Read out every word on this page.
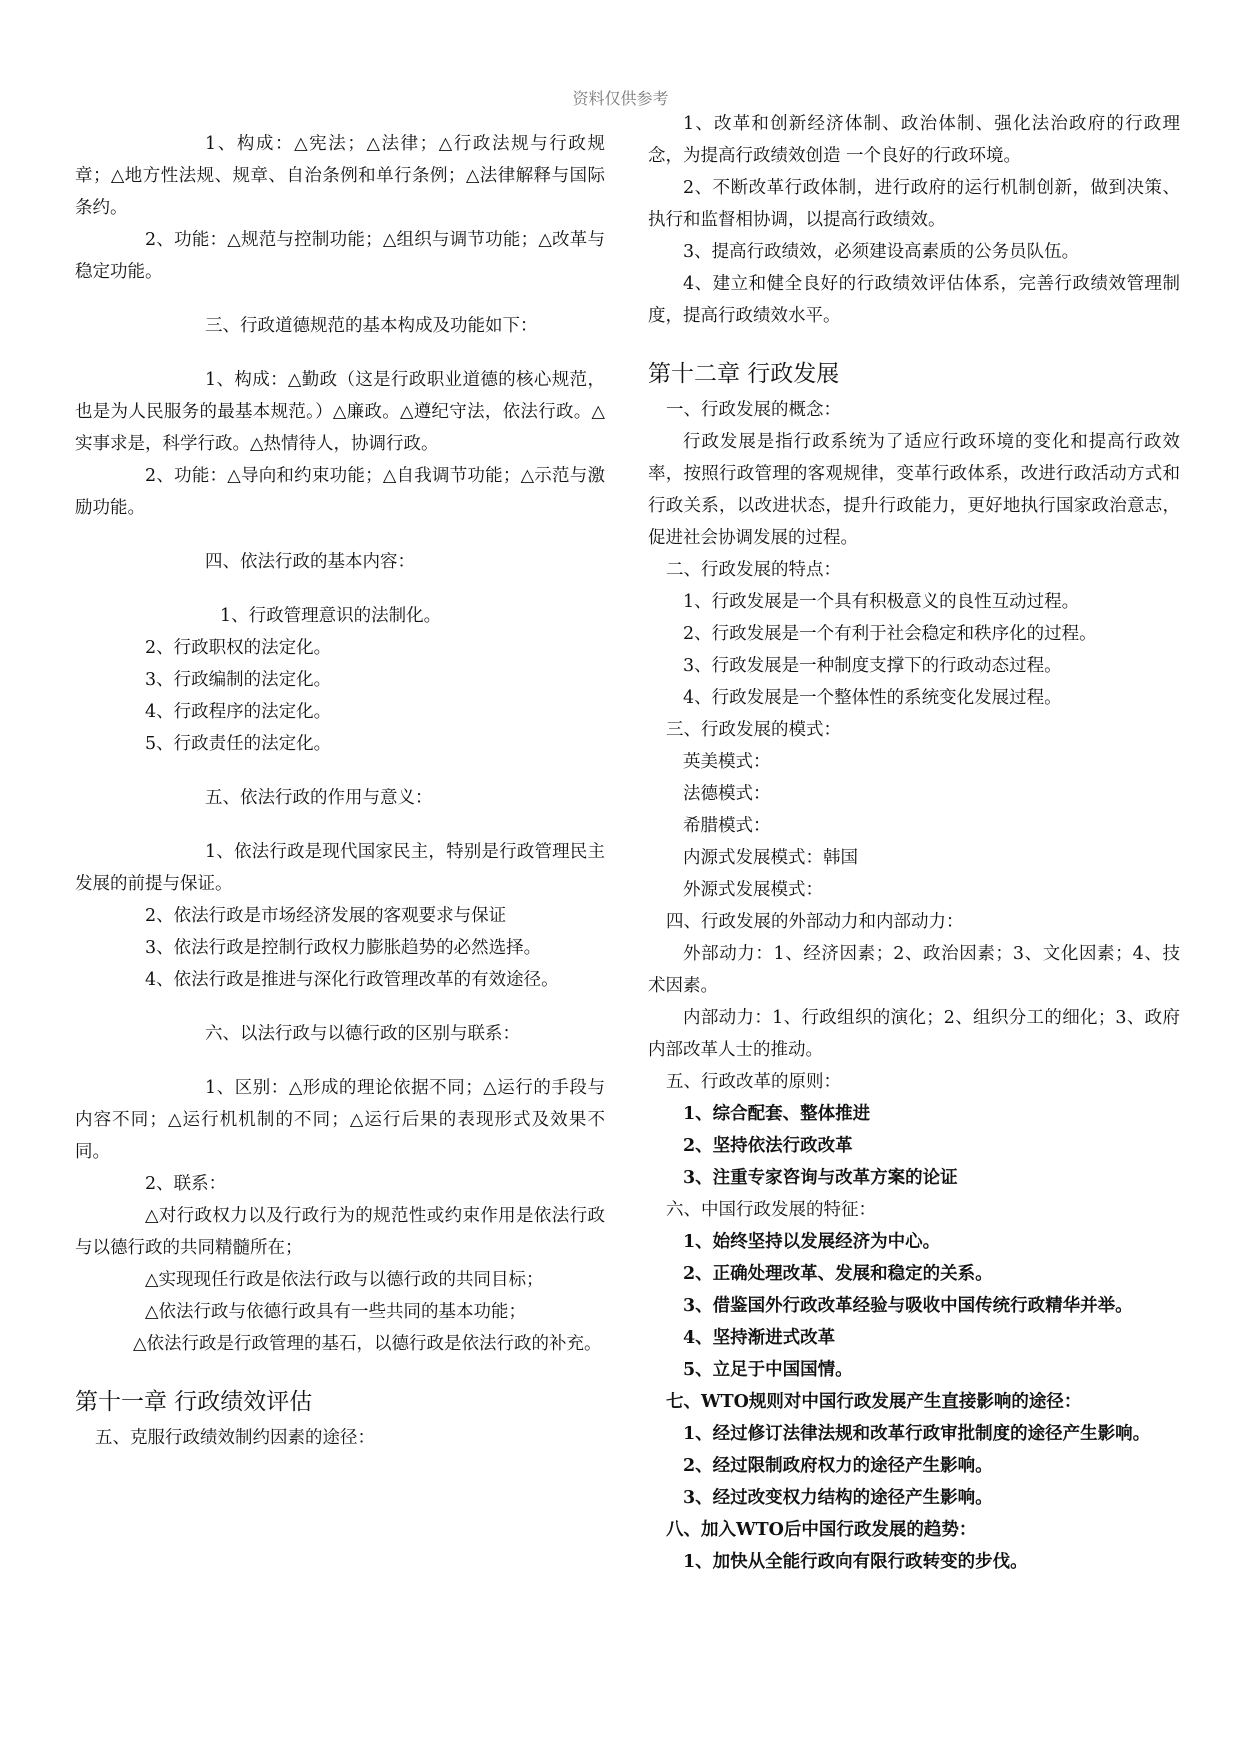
资料仅供参考

1、构成：△宪法；△法律；△行政法规与行政规章；△地方性法规、规章、自治条例和单行条例；△法律解释与国际条约。

2、功能：△规范与控制功能；△组织与调节功能；△改革与稳定功能。

三、行政道德规范的基本构成及功能如下：

1、构成：△勤政（这是行政职业道德的核心规范，也是为人民服务的最基本规范。）△廉政。△遵纪守法，依法行政。△实事求是，科学行政。△热情待人，协调行政。

2、功能：△导向和约束功能；△自我调节功能；△示范与激励功能。

四、依法行政的基本内容：

1、行政管理意识的法制化。

2、行政职权的法定化。

3、行政编制的法定化。

4、行政程序的法定化。

5、行政责任的法定化。

五、依法行政的作用与意义：

1、依法行政是现代国家民主，特别是行政管理民主发展的前提与保证。

2、依法行政是市场经济发展的客观要求与保证

3、依法行政是控制行政权力膨胀趋势的必然选择。

4、依法行政是推进与深化行政管理改革的有效途径。

六、以法行政与以德行政的区别与联系：

1、区别：△形成的理论依据不同；△运行的手段与内容不同；△运行机机制的不同；△运行后果的表现形式及效果不同。

2、联系：

△对行政权力以及行政行为的规范性或约束作用是依法行政与以德行政的共同精髓所在；

△实现现任行政是依法行政与以德行政的共同目标；

△依法行政与依德行政具有一些共同的基本功能；

△依法行政是行政管理的基石，以德行政是依法行政的补充。

第十一章 行政绩效评估

五、克服行政绩效制约因素的途径：

1、改革和创新经济体制、政治体制、强化法治政府的行政理念，为提高行政绩效创造 一个良好的行政环境。

2、不断改革行政体制，进行政府的运行机制创新，做到决策、执行和监督相协调，以提高行政绩效。

3、提高行政绩效，必须建设高素质的公务员队伍。

4、建立和健全良好的行政绩效评估体系，完善行政绩效管理制度，提高行政绩效水平。

第十二章 行政发展

一、行政发展的概念：

行政发展是指行政系统为了适应行政环境的变化和提高行政效率，按照行政管理的客观规律，变革行政体系，改进行政活动方式和行政关系，以改进状态，提升行政能力，更好地执行国家政治意志，促进社会协调发展的过程。

二、行政发展的特点：

1、行政发展是一个具有积极意义的良性互动过程。

2、行政发展是一个有利于社会稳定和秩序化的过程。

3、行政发展是一种制度支撑下的行政动态过程。

4、行政发展是一个整体性的系统变化发展过程。

三、行政发展的模式：

英美模式：

法德模式：

希腊模式：

内源式发展模式：韩国

外源式发展模式：

四、行政发展的外部动力和内部动力：

外部动力：1、经济因素；2、政治因素；3、文化因素；4、技术因素。

内部动力：1、行政组织的演化；2、组织分工的细化；3、政府内部改革人士的推动。

五、行政改革的原则：

1、综合配套、整体推进

2、坚持依法行政改革

3、注重专家咨询与改革方案的论证

六、中国行政发展的特征：

1、始终坚持以发展经济为中心。

2、正确处理改革、发展和稳定的关系。

3、借鉴国外行政改革经验与吸收中国传统行政精华并举。

4、坚持渐进式改革

5、立足于中国国情。

七、WTO规则对中国行政发展产生直接影响的途径：

1、经过修订法律法规和改革行政审批制度的途径产生影响。

2、经过限制政府权力的途径产生影响。

3、经过改变权力结构的途径产生影响。

八、加入WTO后中国行政发展的趋势：

1、加快从全能行政向有限行政转变的步伐。
